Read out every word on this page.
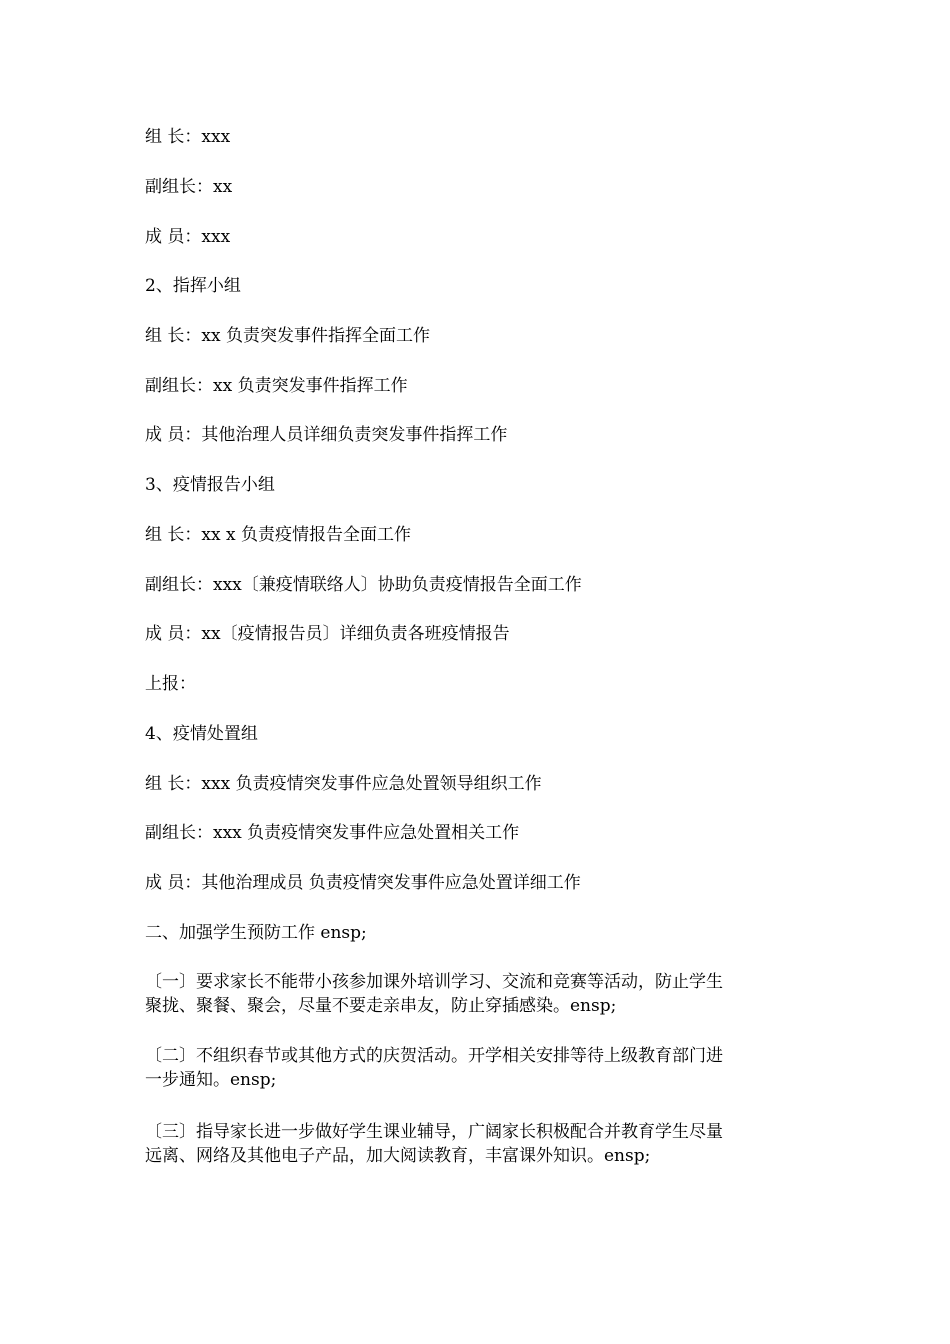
组 长：xxx
副组长：xx
成 员：xxx
2、指挥小组
组 长：xx 负责突发事件指挥全面工作
副组长：xx 负责突发事件指挥工作
成 员：其他治理人员详细负责突发事件指挥工作
3、疫情报告小组
组 长：xx x 负责疫情报告全面工作
副组长：xxx〔兼疫情联络人〕协助负责疫情报告全面工作
成 员：xx〔疫情报告员〕详细负责各班疫情报告
上报：
4、疫情处置组
组 长：xxx 负责疫情突发事件应急处置领导组织工作
副组长：xxx 负责疫情突发事件应急处置相关工作
成 员：其他治理成员 负责疫情突发事件应急处置详细工作
二、加强学生预防工作 ensp;
〔一〕要求家长不能带小孩参加课外培训学习、交流和竞赛等活动，防止学生
聚拢、聚餐、聚会，尽量不要走亲串友，防止穿插感染。ensp;
〔二〕不组织春节或其他方式的庆贺活动。开学相关安排等待上级教育部门进
一步通知。ensp;
〔三〕指导家长进一步做好学生课业辅导，广阔家长积极配合并教育学生尽量
远离、网络及其他电子产品，加大阅读教育，丰富课外知识。ensp;
